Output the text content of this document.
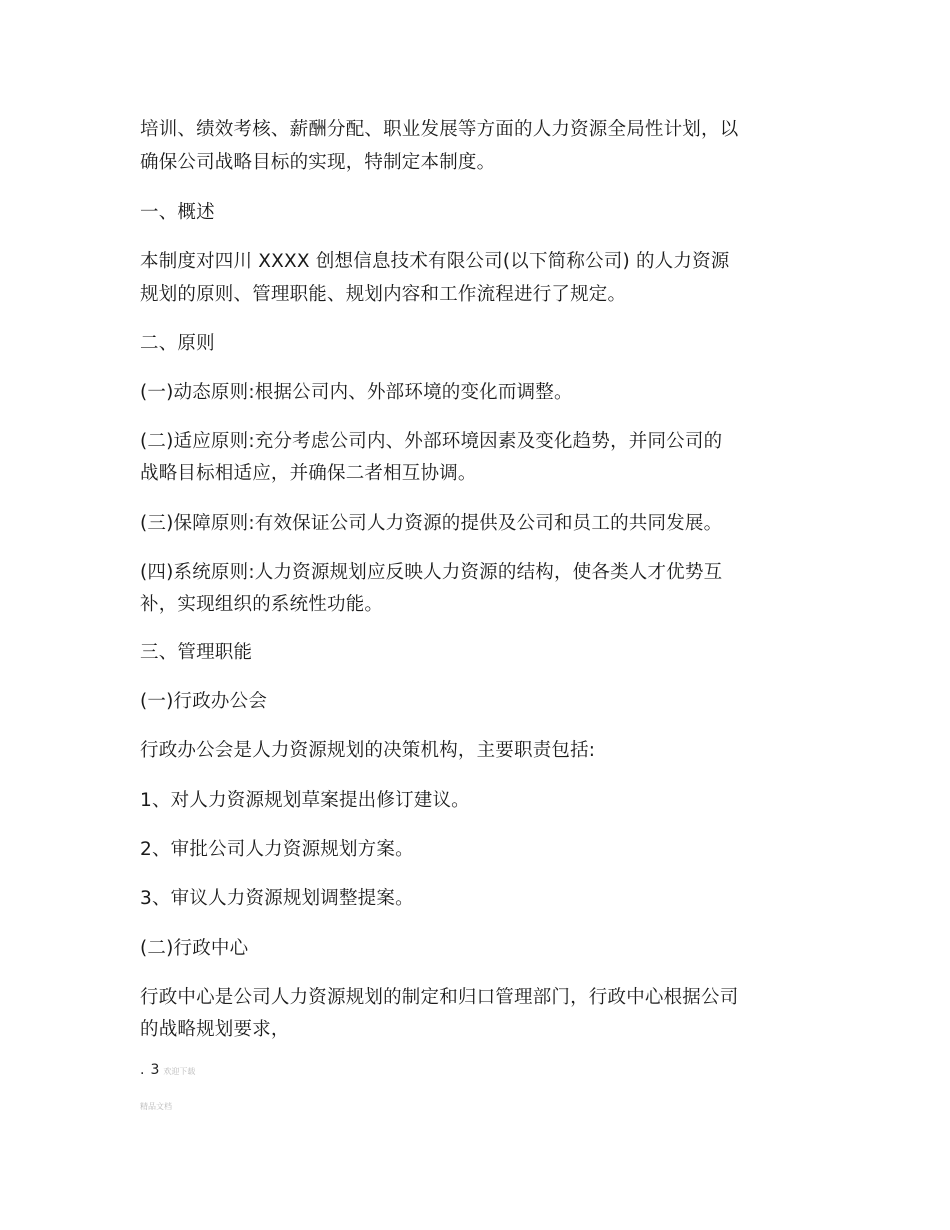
培训、绩效考核、薪酬分配、职业发展等方面的人力资源全局性计划，以
确保公司战略目标的实现，特制定本制度。
一、概述
本制度对四川 XXXX 创想信息技术有限公司(以下简称公司) 的人力资源
规划的原则、管理职能、规划内容和工作流程进行了规定。
二、原则
(一)动态原则:根据公司内、外部环境的变化而调整。
(二)适应原则:充分考虑公司内、外部环境因素及变化趋势，并同公司的
战略目标相适应，并确保二者相互协调。
(三)保障原则:有效保证公司人力资源的提供及公司和员工的共同发展。
(四)系统原则:人力资源规划应反映人力资源的结构，使各类人才优势互
补，实现组织的系统性功能。
三、管理职能
(一)行政办公会
行政办公会是人力资源规划的决策机构，主要职责包括:
1、对人力资源规划草案提出修订建议。
2、审批公司人力资源规划方案。
3、审议人力资源规划调整提案。
(二)行政中心
行政中心是公司人力资源规划的制定和归口管理部门，行政中心根据公司
的战略规划要求，
. 3 欢迎下载
精品文档
